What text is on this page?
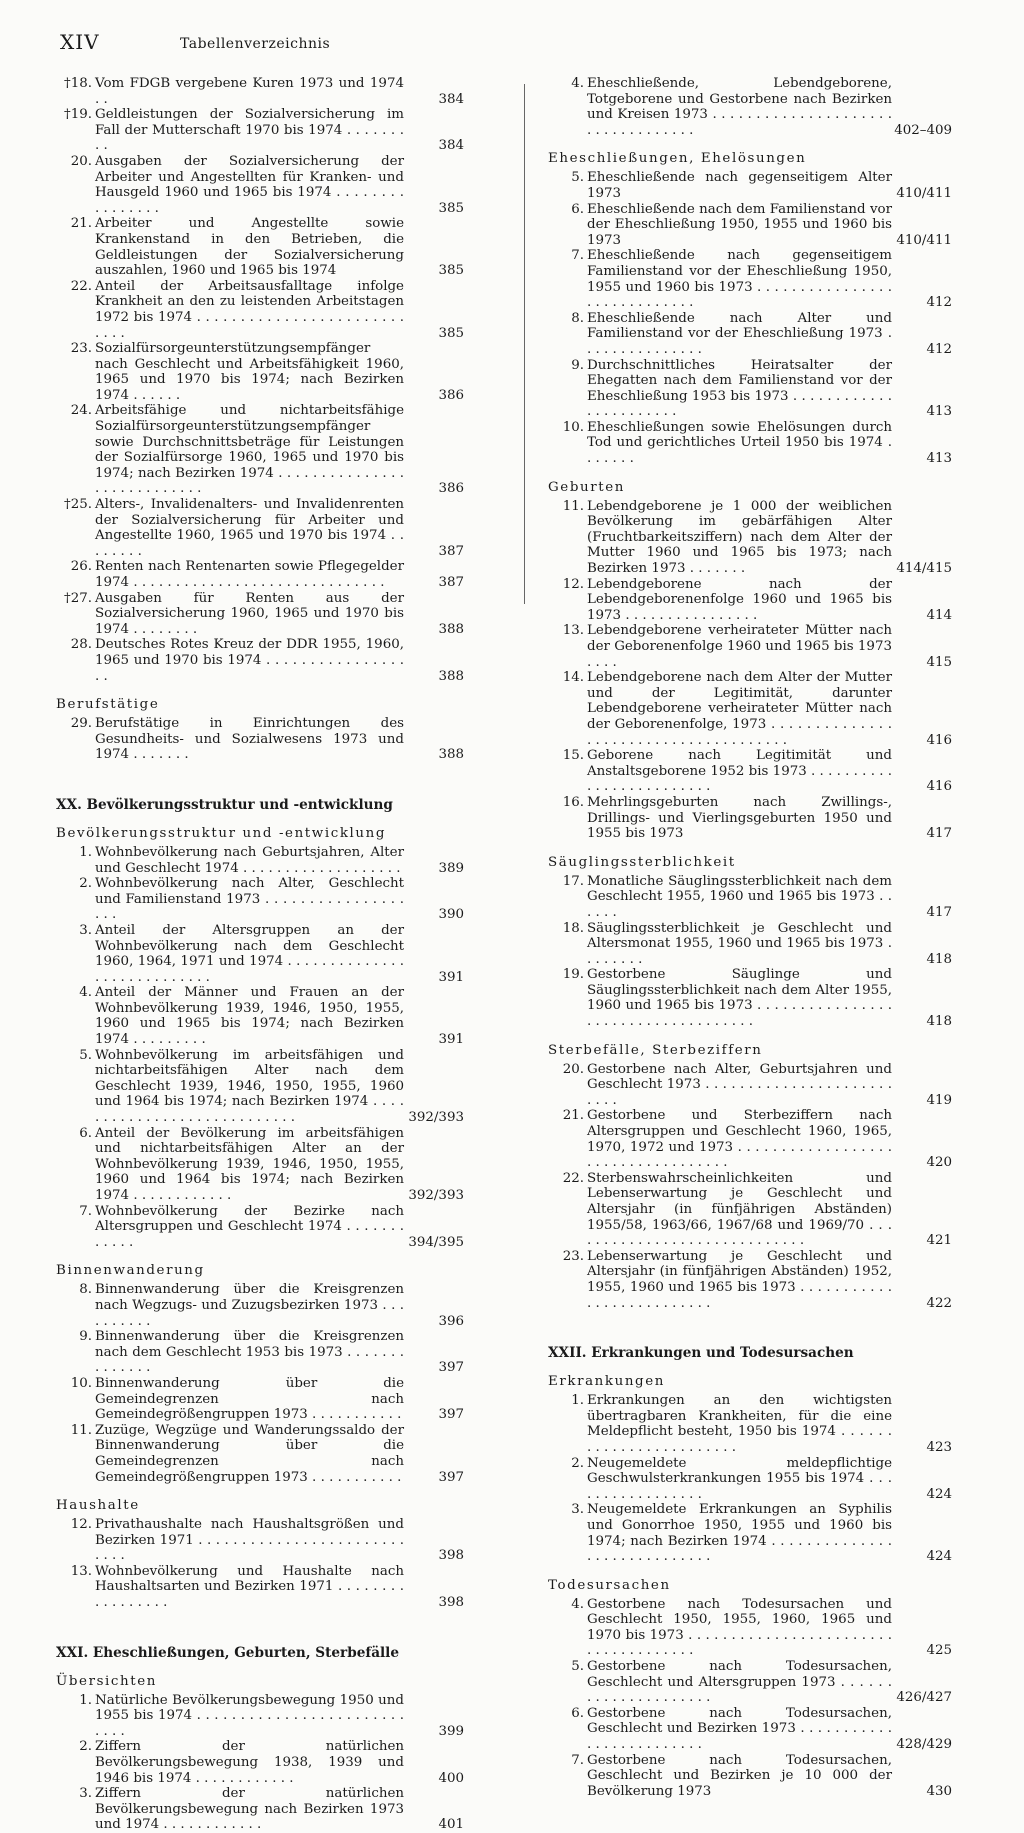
XIV	Tabellenverzeichnis
†18. Vom FDGB vergebene Kuren 1973 und 1974 . .	384
†19. Geldleistungen der Sozialversicherung im Fall der Mutterschaft 1970 bis 1974 . . . . . . . . .	384
20. Ausgaben der Sozialversicherung der Arbeiter und Angestellten für Kranken- und Hausgeld 1960 und 1965 bis 1974 . . . . . . . . . . . . . . . .	385
21. Arbeiter und Angestellte sowie Krankenstand in den Betrieben, die Geldleistungen der Sozialversicherung auszahlen, 1960 und 1965 bis 1974	385
22. Anteil der Arbeitsausfalltage infolge Krankheit an den zu leistenden Arbeitstagen 1972 bis 1974 . . . . . . . . . . . . . . . . . . . . . . . . . . . .	385
23. Sozialfürsorgeunterstützungsempfänger nach Geschlecht und Arbeitsfähigkeit 1960, 1965 und 1970 bis 1974; nach Bezirken 1974 . . . . . .	386
24. Arbeitsfähige und nichtarbeitsfähige Sozialfürsorgeunterstützungsempfänger sowie Durchschnittsbeträge für Leistungen der Sozialfürsorge 1960, 1965 und 1970 bis 1974; nach Bezirken 1974 . . . . . . . . . . . . . . . . . . . . . . . . . . . .	386
†25. Alters-, Invalidenalters- und Invalidenrenten der Sozialversicherung für Arbeiter und Angestellte 1960, 1965 und 1970 bis 1974 . . . . . . . .	387
26. Renten nach Rentenarten sowie Pflegegelder 1974 . . . . . . . . . . . . . . . . . . . . . . . . . . . . . .	387
†27. Ausgaben für Renten aus der Sozialversicherung 1960, 1965 und 1970 bis 1974 . . . . . . . .	388
28. Deutsches Rotes Kreuz der DDR 1955, 1960, 1965 und 1970 bis 1974 . . . . . . . . . . . . . . . . . .	388
Berufstätige
29. Berufstätige in Einrichtungen des Gesundheits- und Sozialwesens 1973 und 1974 . . . . . . .	388
XX. Bevölkerungsstruktur und -entwicklung
Bevölkerungsstruktur und -entwicklung
1. Wohnbevölkerung nach Geburtsjahren, Alter und Geschlecht 1974 . . . . . . . . . . . . . . . . . . .	389
2. Wohnbevölkerung nach Alter, Geschlecht und Familienstand 1973 . . . . . . . . . . . . . . . . . . .	390
3. Anteil der Altersgruppen an der Wohnbevölkerung nach dem Geschlecht 1960, 1964, 1971 und 1974 . . . . . . . . . . . . . . . . . . . . . . . . . . . .	391
4. Anteil der Männer und Frauen an der Wohnbevölkerung 1939, 1946, 1950, 1955, 1960 und 1965 bis 1974; nach Bezirken 1974 . . . . . . . . .	391
5. Wohnbevölkerung im arbeitsfähigen und nichtarbeitsfähigen Alter nach dem Geschlecht 1939, 1946, 1950, 1955, 1960 und 1964 bis 1974; nach Bezirken 1974 . . . . . . . . . . . . . . . . . . . . . . . . . . . .	392/393
6. Anteil der Bevölkerung im arbeitsfähigen und nichtarbeitsfähigen Alter an der Wohnbevölkerung 1939, 1946, 1950, 1955, 1960 und 1964 bis 1974; nach Bezirken 1974 . . . . . . . . . . . .	392/393
7. Wohnbevölkerung der Bezirke nach Altersgruppen und Geschlecht 1974 . . . . . . . . . . . .	394/395
Binnenwanderung
8. Binnenwanderung über die Kreisgrenzen nach Wegzugs- und Zuzugsbezirken 1973 . . . . . . . . . .	396
9. Binnenwanderung über die Kreisgrenzen nach dem Geschlecht 1953 bis 1973 . . . . . . . . . . . . . .	397
10. Binnenwanderung über die Gemeindegrenzen nach Gemeindegrößengruppen 1973 . . . . . . . . . . .	397
11. Zuzüge, Wegzüge und Wanderungssaldo der Binnenwanderung über die Gemeindegrenzen nach Gemeindegrößengruppen 1973 . . . . . . . . . . .	397
Haushalte
12. Privathaushalte nach Haushaltsgrößen und Bezirken 1971 . . . . . . . . . . . . . . . . . . . . . . . . . . . .	398
13. Wohnbevölkerung und Haushalte nach Haushaltsarten und Bezirken 1971 . . . . . . . . . . . . . . . . .	398
XXI. Eheschließungen, Geburten, Sterbefälle
Übersichten
1. Natürliche Bevölkerungsbewegung 1950 und 1955 bis 1974 . . . . . . . . . . . . . . . . . . . . . . . . . . . .	399
2. Ziffern der natürlichen Bevölkerungsbewegung 1938, 1939 und 1946 bis 1974 . . . . . . . . . . . .	400
3. Ziffern der natürlichen Bevölkerungsbewegung nach Bezirken 1973 und 1974 . . . . . . . . . . . .	401
4. Eheschließende, Lebendgeborene, Totgeborene und Gestorbene nach Bezirken und Kreisen 1973 . . . . . . . . . . . . . . . . . . . . . . . . . . . . . . . . . .	402–409
Eheschließungen, Ehelösungen
5. Eheschließende nach gegenseitigem Alter 1973	410/411
6. Eheschließende nach dem Familienstand vor der Eheschließung 1950, 1955 und 1960 bis 1973	410/411
7. Eheschließende nach gegenseitigem Familienstand vor der Eheschließung 1950, 1955 und 1960 bis 1973 . . . . . . . . . . . . . . . . . . . . . . . . . . . . .	412
8. Eheschließende nach Alter und Familienstand vor der Eheschließung 1973 . . . . . . . . . . . . . . .	412
9. Durchschnittliches Heiratsalter der Ehegatten nach dem Familienstand vor der Eheschließung 1953 bis 1973 . . . . . . . . . . . . . . . . . . . . . . .	413
10. Eheschließungen sowie Ehelösungen durch Tod und gerichtliches Urteil 1950 bis 1974 . . . . . . .	413
Geburten
11. Lebendgeborene je 1 000 der weiblichen Bevölkerung im gebärfähigen Alter (Fruchtbarkeitsziffern) nach dem Alter der Mutter 1960 und 1965 bis 1973; nach Bezirken 1973 . . . . . . .	414/415
12. Lebendgeborene nach der Lebendgeborenenfolge 1960 und 1965 bis 1973 . . . . . . . . . . . . . . . .	414
13. Lebendgeborene verheirateter Mütter nach der Geborenenfolge 1960 und 1965 bis 1973 . . . .	415
14. Lebendgeborene nach dem Alter der Mutter und der Legitimität, darunter Lebendgeborene verheirateter Mütter nach der Geborenenfolge, 1973 . . . . . . . . . . . . . . . . . . . . . . . . . . . . . . . . . . . . . .	416
15. Geborene nach Legitimität und Anstaltsgeborene 1952 bis 1973 . . . . . . . . . . . . . . . . . . . . . . . . .	416
16. Mehrlingsgeburten nach Zwillings-, Drillings- und Vierlingsgeburten 1950 und 1955 bis 1973	417
Säuglingssterblichkeit
17. Monatliche Säuglingssterblichkeit nach dem Geschlecht 1955, 1960 und 1965 bis 1973 . . . . . .	417
18. Säuglingssterblichkeit je Geschlecht und Altersmonat 1955, 1960 und 1965 bis 1973 . . . . . . . .	418
19. Gestorbene Säuglinge und Säuglingssterblichkeit nach dem Alter 1955, 1960 und 1965 bis 1973 . . . . . . . . . . . . . . . . . . . . . . . . . . . . . . . . . . . .	418
Sterbefälle, Sterbeziffern
20. Gestorbene nach Alter, Geburtsjahren und Geschlecht 1973 . . . . . . . . . . . . . . . . . . . . . . . . . .	419
21. Gestorbene und Sterbeziffern nach Altersgruppen und Geschlecht 1960, 1965, 1970, 1972 und 1973 . . . . . . . . . . . . . . . . . . . . . . . . . . . . . . . . . . .	420
22. Sterbenswahrscheinlichkeiten und Lebenserwartung je Geschlecht und Altersjahr (in fünfjährigen Abständen) 1955/58, 1963/66, 1967/68 und 1969/70 . . . . . . . . . . . . . . . . . . . . . . . . . . . . .	421
23. Lebenserwartung je Geschlecht und Altersjahr (in fünfjährigen Abständen) 1952, 1955, 1960 und 1965 bis 1973 . . . . . . . . . . . . . . . . . . . . . . . . . .	422
XXII. Erkrankungen und Todesursachen
Erkrankungen
1. Erkrankungen an den wichtigsten übertragbaren Krankheiten, für die eine Meldepflicht besteht, 1950 bis 1974 . . . . . . . . . . . . . . . . . . . . . . . .	423
2. Neugemeldete meldepflichtige Geschwulsterkrankungen 1955 bis 1974 . . . . . . . . . . . . . . . . .	424
3. Neugemeldete Erkrankungen an Syphilis und Gonorrhoe 1950, 1955 und 1960 bis 1974; nach Bezirken 1974 . . . . . . . . . . . . . . . . . . . . . . . . . . . . .	424
Todesursachen
4. Gestorbene nach Todesursachen und Geschlecht 1950, 1955, 1960, 1965 und 1970 bis 1973 . . . . . . . . . . . . . . . . . . . . . . . . . . . . . . . . . . . . .	425
5. Gestorbene nach Todesursachen, Geschlecht und Altersgruppen 1973 . . . . . . . . . . . . . . . . . . . . .	426/427
6. Gestorbene nach Todesursachen, Geschlecht und Bezirken 1973 . . . . . . . . . . . . . . . . . . . . . . . . .	428/429
7. Gestorbene nach Todesursachen, Geschlecht und Bezirken je 10 000 der Bevölkerung 1973	430
